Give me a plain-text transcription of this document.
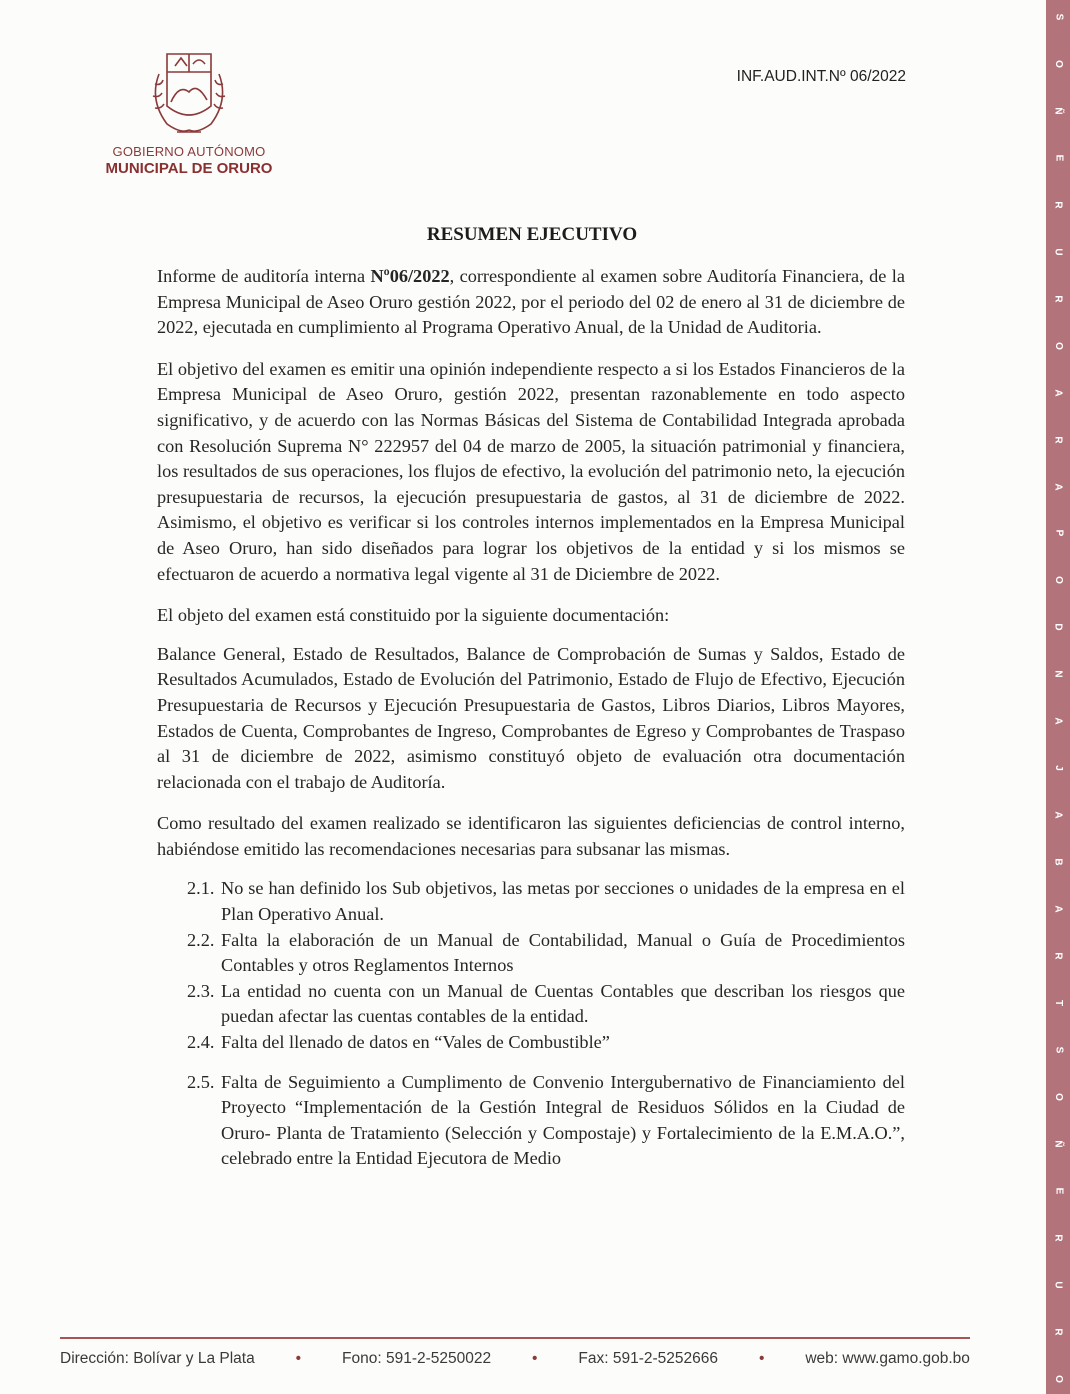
GOBIERNO AUTÓNOMO
MUNICIPAL DE ORURO
INF.AUD.INT.Nº 06/2022
RESUMEN EJECUTIVO

Informe de auditoría interna Nº06/2022, correspondiente al examen sobre Auditoría Financiera, de la Empresa Municipal de Aseo Oruro gestión 2022, por el periodo del 02 de enero al 31 de diciembre de 2022, ejecutada en cumplimiento al Programa Operativo Anual, de la Unidad de Auditoria.

El objetivo del examen es emitir una opinión independiente respecto a si los Estados Financieros de la Empresa Municipal de Aseo Oruro, gestión 2022, presentan razonablemente en todo aspecto significativo, y de acuerdo con las Normas Básicas del Sistema de Contabilidad Integrada aprobada con Resolución Suprema N° 222957 del 04 de marzo de 2005, la situación patrimonial y financiera, los resultados de sus operaciones, los flujos de efectivo, la evolución del patrimonio neto, la ejecución presupuestaria de recursos, la ejecución presupuestaria de gastos, al 31 de diciembre de 2022. Asimismo, el objetivo es verificar si los controles internos implementados en la Empresa Municipal de Aseo Oruro, han sido diseñados para lograr los objetivos de la entidad y si los mismos se efectuaron de acuerdo a normativa legal vigente al 31 de Diciembre de 2022.

El objeto del examen está constituido por la siguiente documentación:

Balance General, Estado de Resultados, Balance de Comprobación de Sumas y Saldos, Estado de Resultados Acumulados, Estado de Evolución del Patrimonio, Estado de Flujo de Efectivo, Ejecución Presupuestaria de Recursos y Ejecución Presupuestaria de Gastos, Libros Diarios, Libros Mayores, Estados de Cuenta, Comprobantes de Ingreso, Comprobantes de Egreso y Comprobantes de Traspaso al 31 de diciembre de 2022, asimismo constituyó objeto de evaluación otra documentación relacionada con el trabajo de Auditoría.

Como resultado del examen realizado se identificaron las siguientes deficiencias de control interno, habiéndose emitido las recomendaciones necesarias para subsanar las mismas.

2.1. No se han definido los Sub objetivos, las metas por secciones o unidades de la empresa en el Plan Operativo Anual.
2.2. Falta la elaboración de un Manual de Contabilidad, Manual o Guía de Procedimientos Contables y otros Reglamentos Internos
2.3. La entidad no cuenta con un Manual de Cuentas Contables que describan los riesgos que puedan afectar las cuentas contables de la entidad.
2.4. Falta del llenado de datos en “Vales de Combustible”
2.5. Falta de Seguimiento a Cumplimento de Convenio Intergubernativo de Financiamiento del Proyecto “Implementación de la Gestión Integral de Residuos Sólidos en la Ciudad de Oruro- Planta de Tratamiento (Selección y Compostaje) y Fortalecimiento de la E.M.A.O.”, celebrado entre la Entidad Ejecutora de Medio
Dirección: Bolívar y La Plata	•	Fono: 591-2-5250022	•	Fax: 591-2-5252666	•	web: www.gamo.gob.bo
S
O
Ñ
E
R
U
R
O
A
R
A
P
O
D
N
A
J
A
B
A
R
T
S
O
Ñ
E
R
U
R
O
